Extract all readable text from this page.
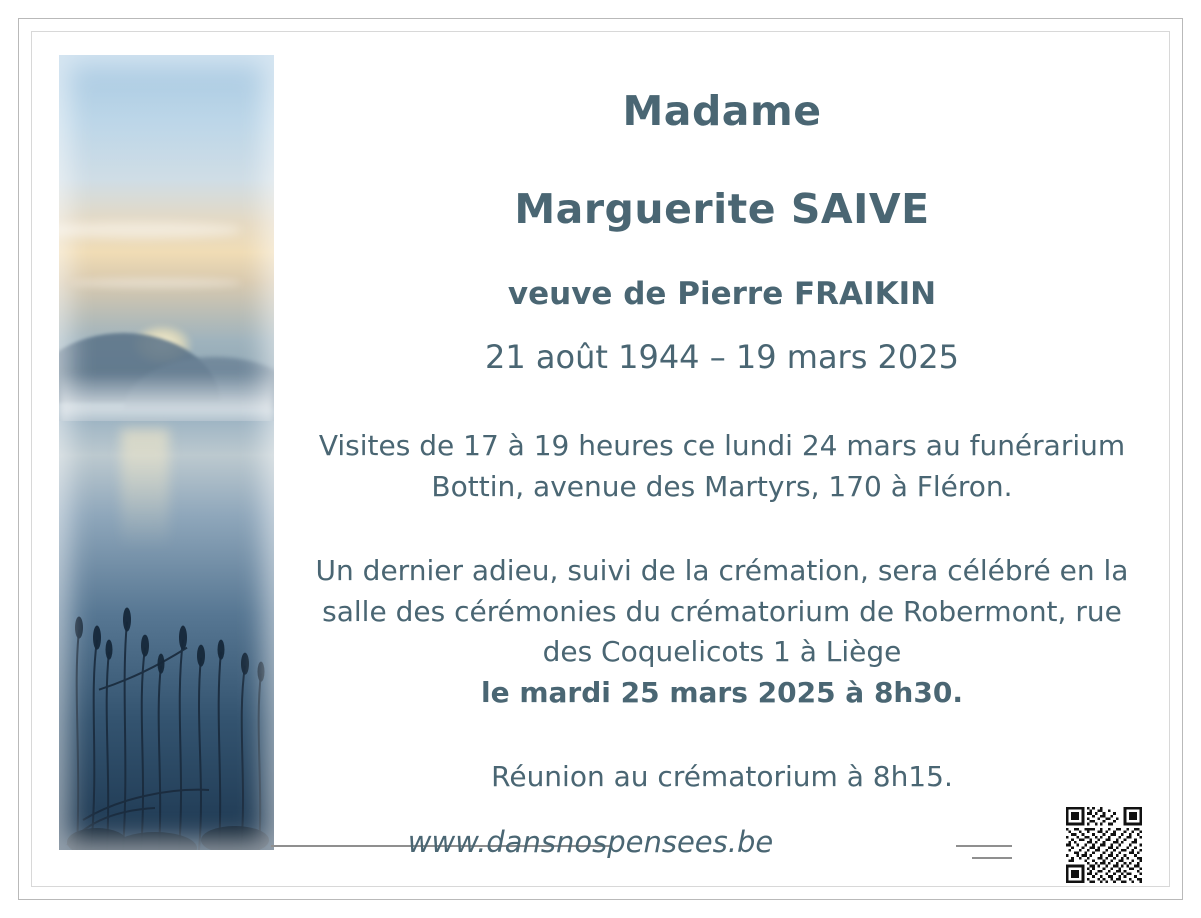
Madame
Marguerite SAIVE
veuve de Pierre FRAIKIN
21 août 1944 – 19 mars 2025
Visites de 17 à 19 heures ce lundi 24 mars au funérarium Bottin, avenue des Martyrs, 170 à Fléron.
Un dernier adieu, suivi de la crémation, sera célébré en la salle des cérémonies du crématorium de Robermont, rue des Coquelicots 1 à Liège
le mardi 25 mars 2025 à 8h30.
Réunion au crématorium à 8h15.
www.dansnospensees.be
